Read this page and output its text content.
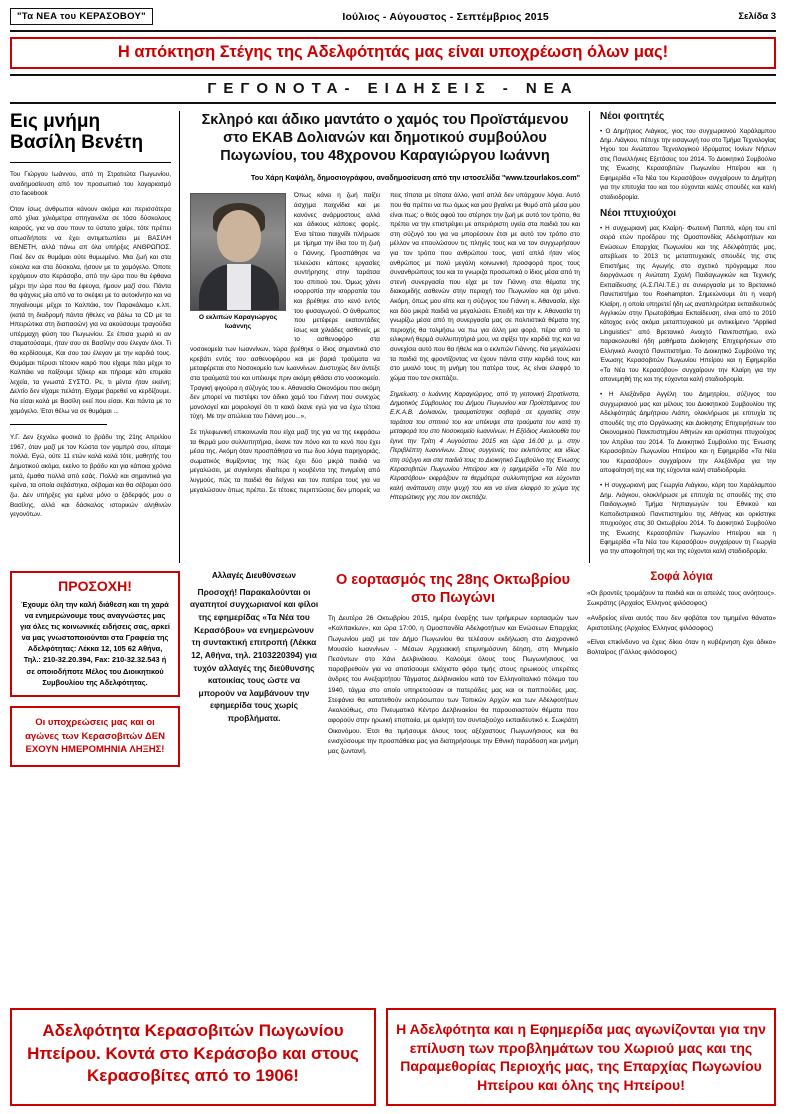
"Τα ΝΕΑ του ΚΕΡΑΣΟΒΟΥ"	Ιούλιος - Αύγουστος - Σεπτέμβριος 2015	Σελίδα 3
Η απόκτηση Στέγης της Αδελφότητάς μας είναι υποχρέωση όλων μας!
ΓΕΓΟΝΟΤΑ- ΕΙΔΗΣΕΙΣ - ΝΕΑ
Εις μνήμη Βασίλη Βενέτη

Του Γιώργου Ιωάννου, από τη Στρατιώτα Πωγωνίου, αναδημοσίευση από τον προσωπικό του λογαριασμό στο facebook

Όταν ίσως άνθρωποι κάνουν ακόμα και περισσότερα από χίλια χιλιόμετρα σπηγαινέλα σε τόσο δύσκολους καιρούς, για να σου πουν το ύστατο χαίρε, τότε πρέπει οπωσδήποτε να έχει αντιμετωπίσει με ΒΑΣΙΛΗ ΒΕΝΕΤΗ, αλλά πάνω απ όλα υπήρξες ΑΝΘΡΩΠΟΣ. Ποιέ δεν σε θυμάμαι ούτε θυμωμένο. Μια ζωή και στα εύκολα και στα δύσκολα, ήσουν με το χαμόγελο. Όποτε ερχόμουν στο Κεράσοβο, από την ώρα που θα έφθανα μέχρι την ώρα που θα έφευγα, ήμουν μαζί σου. Πάντα θα ψάχνεις μία από να το σκέψει με το αυτοκίνητο και να πηγαίνουμε μέχρι το Καλπάκι, τον Παρακάλαμο κ.λπ. (κατά τη διαδρομή πάντα ήθελες να βάλω τα CD με τα Ηπειρώτικα στη διαπασών) για να ακούσουμε τραγούδια υπέρμαχη φύση του Πωγωνίου. Σε έπισα χωριό κι αν σταματούσαμε, ήταν σου σε Βασίλην σου έλεγαν όλοι. Τι θα κερδίσουμε, Και σου του έλεγαν με την καρδιά τους. Θυμάμαι πέρυσι τέτοιον καιρό που είχαμε πάει μέχρι το Καλπάκι να παίξουμε τζόκερ και πήραμε κάτι επιμαϊα λεχεία, τα γνωστά ΣΥΣΤΟ. Ρε, τι μέντα ήταν εκείνη; Δελτίο δεν είχαμε πελάτη. Είχαμε βαρεθεί να κερδίζουμε. Να είσαι καλά με Βασίλη εκεί που είσαι. Και πάντα με το χαμόγελο. Έτσι θέλω να σε θυμάμαι ...

Υ.Γ. Δεν ξεχνάω φυσικά το βράδυ της 21ης Απριλίου 1967, όταν μαζί με τον Κώστα τον γαμπρό σου, είπαμε πολλά. Εγώ, ούτε 11 ετών καλά καλά τότε, μαθητής του Δημοτικού ακόμα, εκείνο το βράδυ και για κάποια χρόνια μετά, έμαθα πολλά από εσάς. Πολλά και σημαντικά για εμένα, τα οποία σεβάστηκα, σέβομαι και θα σέβομαι όσο ζω. Δεν υπήρξες για εμένα μόνο ο ξάδερφός μου ο Βασίλης, αλλά και δάσκαλος ιστορικών αληθινών γεγονότων.

Σκληρό και άδικο μαντάτο ο χαμός του Προϊστάμενου στο ΕΚΑΒ Δολιανών και δημοτικού συμβούλου Πωγωνίου, του 48χρονου Καραγιώργου Ιωάννη
Του Χάρη Καψάλη, δημοσιογράφου, αναδημοσίευση από την ιστοσελίδα "www.tzourlakos.com"
Ο εκλιπών Καραγιώργος Ιωάννης

Όπως κάνει η ζωή παίζει άσχημα παιχνίδια και με κανόνες ανάρμοστους αλλά και άδικους κάποιες φορές. Ένα τέτοιο παιχνίδι πλήρωσε με τίμημα την ίδια του τη ζωή ο Γιάννης. Προσπάθησε να τελειώσει κάποιες εργασίες συντήρησης στην ταράτσα του σπιτιού του. Όμως χάνει ισορροπία την ισορροπία του και βρέθηκε στο κενό εντός του φυσαγωγού. Ο άνθρωπος που μετέφερε εκατοντάδες ίσως και χιλιάδες ασθενείς με το ασθενοφόρο στα νοσοκομεία των Ιωαννίνων, τώρα βρέθηκε ο ίδιος σημαντικά στο κρεβάτι εντός του ασθενοφόρου και με βαριά τραύματα να μεταφέρεται στο Νοσοκομείο των Ιωαννίνων. Δυστυχώς δεν άντεξε στα τραύματά του και υπέκυψε πριν ακόμη φθάσει στο νοσοκομείο. Τραγική φιγούρα η σύζυγός του κ. Αθανασία Οικονόμου που ακόμη δεν μπορεί να πιστέψει τον άδικο χαμό του Γιάννη που συνεχώς μονολογεί και μοιρολογεί ότι τι κακό έκανε εγώ για να έχω τέτοια τύχη. Με την απώλεια του Γιάννη μου...»,

Σε τηλεφωνική επικοινωνία που είχα μαζί της για να της εκφράσω τα θερμά μου συλλυπητήρια, έκανε τον πόνο και το κενό που έχει μέσα της. Ακόμη όταν προσπάθησα να πω δυο λόγια παρηγοριάς, σωματικός θυμίζοντας της πώς έχει δύο μικρά παιδιά να μεγαλώσει, με συγκίνησε ιδιαίτερα η κουβέντα της πνιγμένη από λυγμούς, πώς τα παιδιά θα δείχνει και τον πατέρα τους για να μεγαλώσουν όπως πρέπει. Σε τέτοιες περιπτώσεις δεν μπορείς να πεις τίποτα με τίποτα άλλο, γιατί απλά δεν υπάρχουν λόγια. Αυτό που θα πρέπει να πω όμως και μου βγαίνει με θυμό από μέσα μου είναι πως: ο θεός αφού του στέρησε την ζωή με αυτό τον τρόπο, θα πρέπει να την επιστρέψει με απεριόριστη υγεία στα παιδιά του και στη σύζυγό του για να μπορέσουν έτσι με αυτό τον τρόπο στο μέλλον να επουλώσουν τις πληγές τους και να τον συγχωρήσουν για τον τρόπο που ανθρώπου τους, γιατί απλά ήταν νέος ανθρώπος με πολύ μεγάλη κοινωνική προσφορά προς τους συνανθρώπους του και το γνωριζα προσωπικά ο ίδιος μέσα από τη στενή συνεργασία που είχα με τον Γιάννη στα θέματα της διακομιδής ασθενών στην περιοχή του Πωγωνίου και όχι μόνο. Ακόμη, όπως μου είπε και η σύζυγος του Γιάννη κ. Αθανασία, είχε και δύο μικρά παιδιά να μεγαλώσει. Επειδή και την κ. Αθανασία τη γνωρίζω μέσα από τη συνεργασία μας σε πολιτιστικά θέματα της περιοχής θα τολμήσω να πω για άλλη μια φορά, πέρα από τα ειλικρινή θερμά συλλυπητήριά μου, να σφίξει την καρδιά της και να συνεχίσει αυτό που θα ήθελε και ο εκλιπών Γιάννης. Να μεγαλώσει τα παιδιά της φροντίζοντας να έχουν πάντα στην καρδιά τους και στο μυαλό τους τη μνήμη του πατέρα τους. Ας είναι ελαφρό το χώμα που τον σκεπάζει.

Σημείωση: ο Ιωάννης Καραγιώργος, από τη γειτονική Στρατίνιστα, Δημοτικός Σύμβουλος του Δήμου Πωγωνίου και Προϊστάμενος του Ε.Κ.Α.Β. Δολιανών, τραυματίστηκε σοβαρά σε εργασίες στην ταράτσα του σπιτιού του και υπέκυψε στα τραύματα του κατά τη μεταφορά του στο Νοσοκομείο Ιωαννίνων. Η Εξόδιος Ακολουθία του έγινε την Τρίτη 4 Αυγούστου 2015 και ώρα 16.00 μ. μ. στην Περιβλέπτη Ιωαννίνων. Στους συγγενείς του εκλιπόντος και ιδίως στη σύζυγο και στα παιδιά τους το Διοικητικό Συμβούλιο της Ένωσης Κερασοβιτών Πωγωνίου Ηπείρου και η εφημερίδα «Τα Νέα του Κερασόβου» εκφράζουν τα θερμότερα συλλυπητήρια και εύχονται καλή ανάπαυση στην ψυχή του και να είναι ελαφρό το χώμα της Ηπειρώτικης γης που τον σκεπάζει.

Νέοι φοιτητές

• Ο Δημήτριος Λιάγκος, γιος του συγχωριανού Χαράλαμπου Δημ. Λιάγκου, πέτυχε την εισαγωγή του στο Τμήμα Τεχνολογίας Ήχου του Ανώτατου Τεχνολογικού Ιδρύματος Ιονίων Νήσων στις Πανελλήνιες Εξετάσεις του 2014. Το Διοικητικό Συμβούλιο της Ένωσης Κερασοβιτών Πωγωνίου Ηπείρου και η Εφημερίδα «Τα Νέα του Κερασόβου» συγχαίρουν το Δημήτρη για την επιτυχία του και του εύχονται καλές σπουδές και καλή σταδιοδρομία.

Νέοι πτυχιούχοι

• Η συγχωριανή μας Κλαίρη- Φωτεινή Παππά, κόρη του επί σειρά ετών προέδρου της Ομοσπονδίας Αδελφοτήτων και Ενώσεων Επαρχίας Πωγωνίου και της Αδελφότητάς μας, απεβίωσε το 2013 τις μεταπτυχιακές σπουδές της στις Επιστήμες της Αγωγής στο σχετικό πρόγραμμα που διοργάνωσε η Ανώτατη Σχολή Παιδαγωγικών και Τεχνικής Εκπαίδευσης (Α.Σ.ΠΑΙ.Τ.Ε.) σε συνεργασία με το Βρετανικό Πανεπιστήμιο του Roehampton. Σημειώνουμε ότι η νεαρή Κλαίρη, η οποία υπηρετεί ήδη ως αναπληρώτρια εκπαιδευτικός Αγγλικών στην Πρωτοβάθμια Εκπαίδευση, είναι από το 2010 κάτοχος ενός ακόμα μεταπτυχιακού με αντικείμενο "Applied Linguistics" από Βρετανικό Ανοιχτό Πανεπιστήμιο, ενώ παρακολουθεί ήδη μαθήματα Διοίκησης Επιχειρήσεων στο Ελληνικό Ανοιχτό Πανεπιστήμιο. Το Διοικητικό Συμβούλιο της Ένωσης Κερασοβιτών Πωγωνίου Ηπείρου και η Εφημερίδα «Τα Νέα του Κερασόβου» συγχαίρουν την Κλαίρη για την απονεμηθή της και της εύχονται καλή σταδιοδρομία.

• Η Αλεξάνδρα Αγγέλη του Δημητρίου, σύζυγος του συγχωριανού μας και μέλους του Διοικητικού Συμβουλίου της Αδελφότητάς Δημήτριου Λιάπη, ολοκλήρωσε με επιτυχία τις σπουδές της στο Οργάνωσης και Διοίκησης Επιχειρήσεων του Οικονομικού Πανεπιστημίου Αθηνών και ορκίστηκε πτυχιούχος τον Απρίλιο του 2014. Το Διοικητικό Συμβούλιο της Ένωσης Κερασοβιτών Πωγωνίου Ηπείρου και η Εφημερίδα «Τα Νέα του Κερασόβου» συγχαίρουν την Αλεξάνδρα για την αποφοίτησή της και της εύχονται καλή σταδιοδρομία.

• Η συγχωριανή μας Γεωργία Λιάγκου, κόρη του Χαράλαμπου Δημ. Λιάγκου, ολοκλήρωσε με επιτυχία τις σπουδές της στο Παιδαγωγικό Τμήμα Νηπιαγωγών του Εθνικού και Καποδιστριακού Πανεπιστημίου της Αθήνας και ορκίστηκε πτυχιούχος στις 30 Οκτωβρίου 2014. Το Διοικητικό Συμβούλιο της Ένωσης Κερασοβιτών Πωγωνίου Ηπείρου και η Εφημερίδα «Τα Νέα του Κερασόβου» συγχαίρουν τη Γεωργία για την αποφοίτησή της και της εύχονται καλή σταδιοδρομία.

ΠΡΟΣΟΧΗ!
Έχουμε όλη την καλή διάθεση και τη χαρά να ενημερώνουμε τους αναγνώστες μας για όλες τις κοινωνικές ειδήσεις σας, αρκεί να μας γνωστοποιούνται στα Γραφεία της Αδελφότητας: Λέκκα 12, 105 62 Αθήνα, Τηλ.: 210-32.20.394, Fax: 210-32.32.543 ή σε οποιοδήποτε Μέλος του Διοικητικού Συμβουλίου της Αδελφότητας.
Οι υποχρεώσεις μας και οι αγώνες των Κερασοβιτών ΔΕΝ ΕΧΟΥΝ ΗΜΕΡΟΜΗΝΙΑ ΛΗΞΗΣ!
Αλλαγές Διευθύνσεων
Προσοχή! Παρακαλούνται οι αγαπητοί συγχωριανοί και φίλοι της εφημερίδας «Τα Νέα του Κερασόβου» να ενημερώνουν τη συντακτική επιτροπή (Λέκκα 12, Αθήνα, τηλ. 2103220394) για τυχόν αλλαγές της διεύθυνσης κατοικίας τους ώστε να μπορούν να λαμβάνουν την εφημερίδα τους χωρίς προβλήματα.
Ο εορτασμός της 28ης Οκτωβρίου στο Πωγώνι
Τη Δευτέρα 26 Οκτωβρίου 2015, ημέρα έναρξης των τριήμερων εορτασμών των «Καλπακίων», και ώρα 17:00, η Ομοσπονδία Αδελφοτήτων και Ενώσεων Επαρχίας Πωγωνίου μαζί με τον Δήμο Πωγωνίου θα τελέσουν εκδήλωση στο Διαχρονικό Μουσείο Ιωαννίνων - Μέσων Αρχειακική επιμνημόσυνη δέηση, στη Μνημείο Πεσόντων στο Χάνι Δελβινάκιου. Καλούμε όλους τους Πωγωνήσιους να παραβρεθούν για να αποτίσουμε ελάχιστο φόρο τιμής στους ηρωικούς υπερέτες άνδρες του Ανεξαρτήτου Τάγματος Δελβινακίου κατά τον Ελληνοϊταλικό πόλεμο του 1940, τάγμα στο οποίο υπηρετούσαν οι πατεράδες μας και οι παππούδες μας. Στεφάνια θα κατατεθούν εκπρόσωπου των Τοπικών Αρχών και των Αδελφοτήτων Ακολούθως, στο Πνευματικό Κέντρο Δελβινακίου θα παρουσιαστούν θέματα που αφορούν στην ηρωική εποποιία, με ομιλητή τον συνταξιούχο εκπαιδευτικό κ. Σωκράτη Οικονόμου. Έτσι θα τιμήσουμε όλους τους αξέχαστους Πωγωνήσιους και θα ενισχύσουμε την προσπάθεια μας για διατηρήσουμε την Εθνική παράδοση και μνήμη μας ζωντανή.
Σοφά λόγια
«Οι βροντές τρομάζουν τα παιδιά και οι απειλές τους ανόητους». Σωκράτης (Αρχαίος Έλληνος φιλόσοφος)
«Ανδρείος είναι αυτός που δεν φοβάται τον τιμημένο θάνατο» Αριστοτέλης (Αρχαίος Έλληνας φιλόσοφος)
«Είναι επικίνδυνο να έχεις δίκιο όταν η κυβέρνηση έχει άδικο» Βολταίρος (Γάλλος φιλόσοφος)
Αδελφότητα Κερασοβιτών Πωγωνίου Ηπείρου. Κοντά στο Κεράσοβο και στους Κερασοβίτες από το 1906!
Η Αδελφότητα και η Εφημερίδα μας αγωνίζονται για την επίλυση των προβλημάτων του Χωριού μας και της Παραμεθορίας Περιοχής μας, της Επαρχίας Πωγωνίου Ηπείρου και όλης της Ηπείρου!
